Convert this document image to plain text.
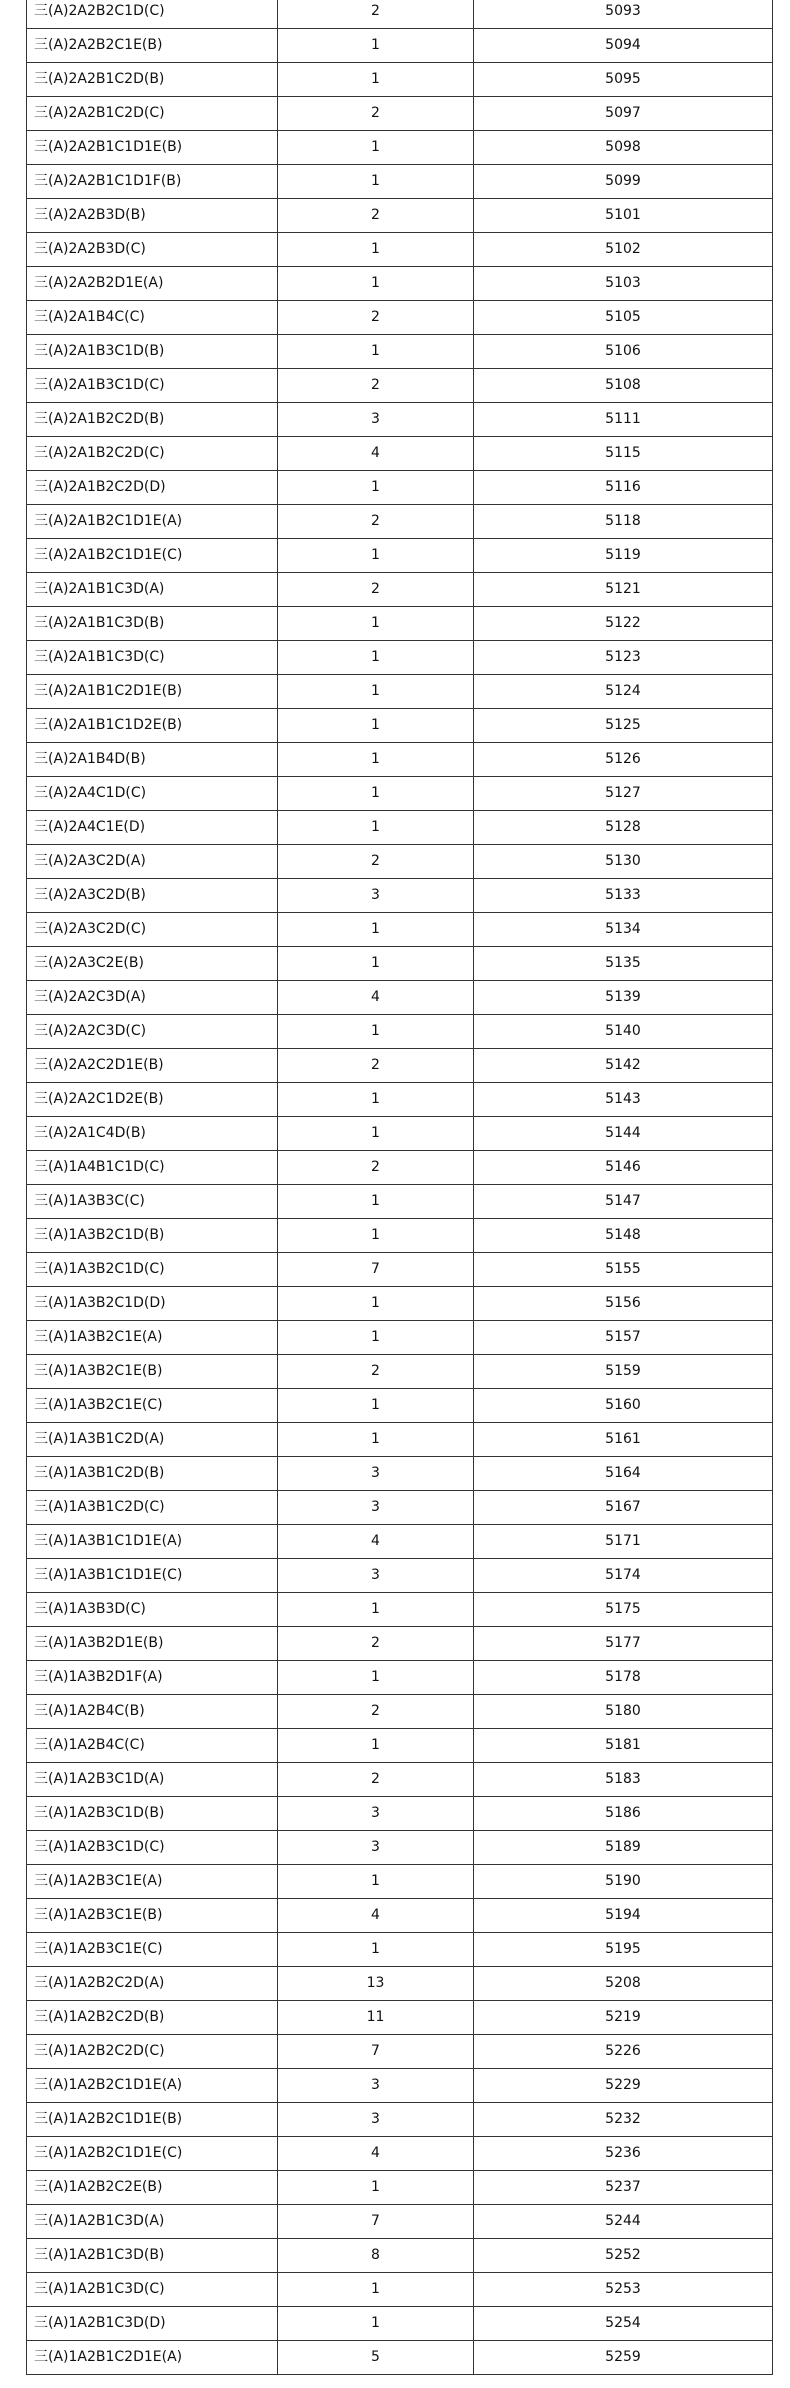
三(A)2A2B2C1D(C)	2	5093
三(A)2A2B2C1E(B)	1	5094
三(A)2A2B1C2D(B)	1	5095
三(A)2A2B1C2D(C)	2	5097
三(A)2A2B1C1D1E(B)	1	5098
三(A)2A2B1C1D1F(B)	1	5099
三(A)2A2B3D(B)	2	5101
三(A)2A2B3D(C)	1	5102
三(A)2A2B2D1E(A)	1	5103
三(A)2A1B4C(C)	2	5105
三(A)2A1B3C1D(B)	1	5106
三(A)2A1B3C1D(C)	2	5108
三(A)2A1B2C2D(B)	3	5111
三(A)2A1B2C2D(C)	4	5115
三(A)2A1B2C2D(D)	1	5116
三(A)2A1B2C1D1E(A)	2	5118
三(A)2A1B2C1D1E(C)	1	5119
三(A)2A1B1C3D(A)	2	5121
三(A)2A1B1C3D(B)	1	5122
三(A)2A1B1C3D(C)	1	5123
三(A)2A1B1C2D1E(B)	1	5124
三(A)2A1B1C1D2E(B)	1	5125
三(A)2A1B4D(B)	1	5126
三(A)2A4C1D(C)	1	5127
三(A)2A4C1E(D)	1	5128
三(A)2A3C2D(A)	2	5130
三(A)2A3C2D(B)	3	5133
三(A)2A3C2D(C)	1	5134
三(A)2A3C2E(B)	1	5135
三(A)2A2C3D(A)	4	5139
三(A)2A2C3D(C)	1	5140
三(A)2A2C2D1E(B)	2	5142
三(A)2A2C1D2E(B)	1	5143
三(A)2A1C4D(B)	1	5144
三(A)1A4B1C1D(C)	2	5146
三(A)1A3B3C(C)	1	5147
三(A)1A3B2C1D(B)	1	5148
三(A)1A3B2C1D(C)	7	5155
三(A)1A3B2C1D(D)	1	5156
三(A)1A3B2C1E(A)	1	5157
三(A)1A3B2C1E(B)	2	5159
三(A)1A3B2C1E(C)	1	5160
三(A)1A3B1C2D(A)	1	5161
三(A)1A3B1C2D(B)	3	5164
三(A)1A3B1C2D(C)	3	5167
三(A)1A3B1C1D1E(A)	4	5171
三(A)1A3B1C1D1E(C)	3	5174
三(A)1A3B3D(C)	1	5175
三(A)1A3B2D1E(B)	2	5177
三(A)1A3B2D1F(A)	1	5178
三(A)1A2B4C(B)	2	5180
三(A)1A2B4C(C)	1	5181
三(A)1A2B3C1D(A)	2	5183
三(A)1A2B3C1D(B)	3	5186
三(A)1A2B3C1D(C)	3	5189
三(A)1A2B3C1E(A)	1	5190
三(A)1A2B3C1E(B)	4	5194
三(A)1A2B3C1E(C)	1	5195
三(A)1A2B2C2D(A)	13	5208
三(A)1A2B2C2D(B)	11	5219
三(A)1A2B2C2D(C)	7	5226
三(A)1A2B2C1D1E(A)	3	5229
三(A)1A2B2C1D1E(B)	3	5232
三(A)1A2B2C1D1E(C)	4	5236
三(A)1A2B2C2E(B)	1	5237
三(A)1A2B1C3D(A)	7	5244
三(A)1A2B1C3D(B)	8	5252
三(A)1A2B1C3D(C)	1	5253
三(A)1A2B1C3D(D)	1	5254
三(A)1A2B1C2D1E(A)	5	5259
